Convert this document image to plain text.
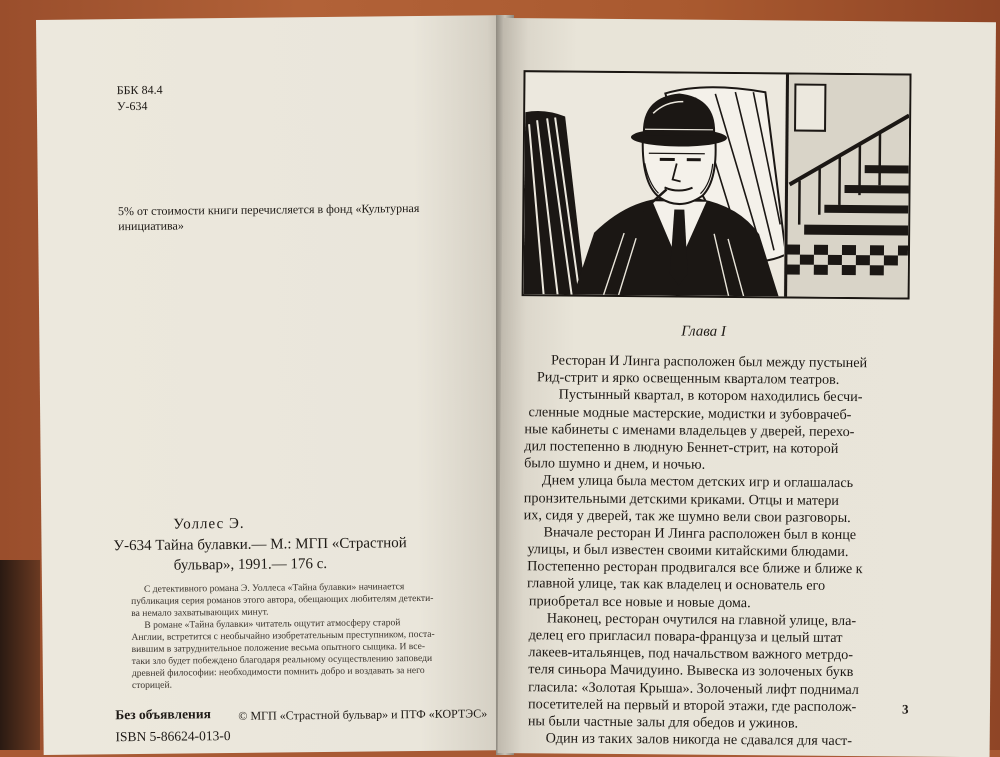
ББК 84.4
У-634
5% от стоимости книги перечисляется в фонд «Культурная
инициатива»
Уоллес Э.
У-634 Тайна булавки.— М.: МГП «Страстной
бульвар», 1991.— 176 с.
С детективного романа Э. Уоллеса «Тайна булавки» начинается
публикация серия романов этого автора, обещающих любителям детекти-
ва немало захватывающих минут.
В романе «Тайна булавки» читатель ощутит атмосферу старой
Англии, встретится с необычайно изобретательным преступником, поста-
вившим в затруднительное положение весьма опытного сыщика. И все-
таки зло будет побеждено благодаря реальному осуществлению заповеди
древней философии: необходимости помнить добро и воздавать за него
сторицей.
Без объявления © МГП «Страстной бульвар» и ПТФ «КОРТЭС»
ISBN 5-86624-013-0
Глава I
Ресторан И Линга расположен был между пустыней
Рид-стрит и ярко освещенным кварталом театров.
Пустынный квартал, в котором находились бесчи-
сленные модные мастерские, модистки и зубоврачеб-
ные кабинеты с именами владельцев у дверей, перехо-
дил постепенно в людную Беннет-стрит, на которой
было шумно и днем, и ночью.
Днем улица была местом детских игр и оглашалась
пронзительными детскими криками. Отцы и матери
их, сидя у дверей, так же шумно вели свои разговоры.
Вначале ресторан И Линга расположен был в конце
улицы, и был известен своими китайскими блюдами.
Постепенно ресторан продвигался все ближе и ближе к
главной улице, так как владелец и основатель его
приобретал все новые и новые дома.
Наконец, ресторан очутился на главной улице, вла-
делец его пригласил повара-француза и целый штат
лакеев-итальянцев, под начальством важного метрдо-
теля синьора Мачидуино. Вывеска из золоченых букв
гласила: «Золотая Крыша». Золоченый лифт поднимал
посетителей на первый и второй этажи, где располож-
ны были частные залы для обедов и ужинов.
Один из таких залов никогда не сдавался для част-
3
